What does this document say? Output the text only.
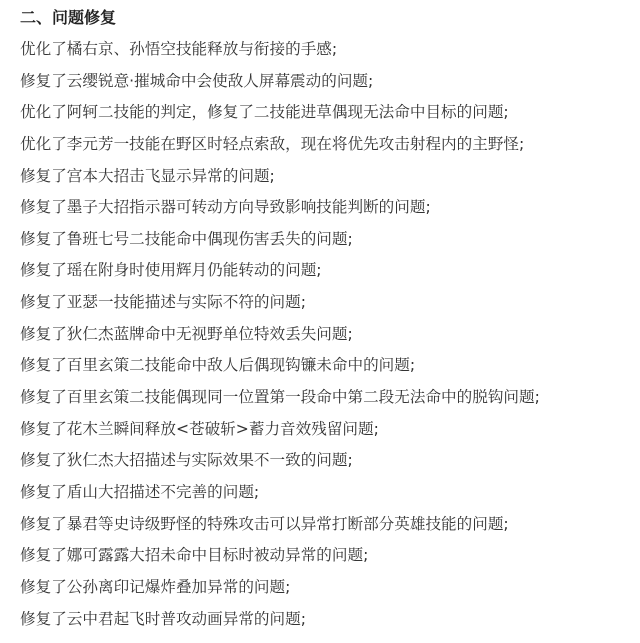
二、问题修复
优化了橘右京、孙悟空技能释放与衔接的手感;
修复了云缨锐意·摧城命中会使敌人屏幕震动的问题;
优化了阿轲二技能的判定，修复了二技能进草偶现无法命中目标的问题;
优化了李元芳一技能在野区时轻点索敌，现在将优先攻击射程内的主野怪;
修复了宫本大招击飞显示异常的问题;
修复了墨子大招指示器可转动方向导致影响技能判断的问题;
修复了鲁班七号二技能命中偶现伤害丢失的问题;
修复了瑶在附身时使用辉月仍能转动的问题;
修复了亚瑟一技能描述与实际不符的问题;
修复了狄仁杰蓝牌命中无视野单位特效丢失问题;
修复了百里玄策二技能命中敌人后偶现钩镰未命中的问题;
修复了百里玄策二技能偶现同一位置第一段命中第二段无法命中的脱钩问题;
修复了花木兰瞬间释放<苍破斩>蓄力音效残留问题;
修复了狄仁杰大招描述与实际效果不一致的问题;
修复了盾山大招描述不完善的问题;
修复了暴君等史诗级野怪的特殊攻击可以异常打断部分英雄技能的问题;
修复了娜可露露大招未命中目标时被动异常的问题;
修复了公孙离印记爆炸叠加异常的问题;
修复了云中君起飞时普攻动画异常的问题;
